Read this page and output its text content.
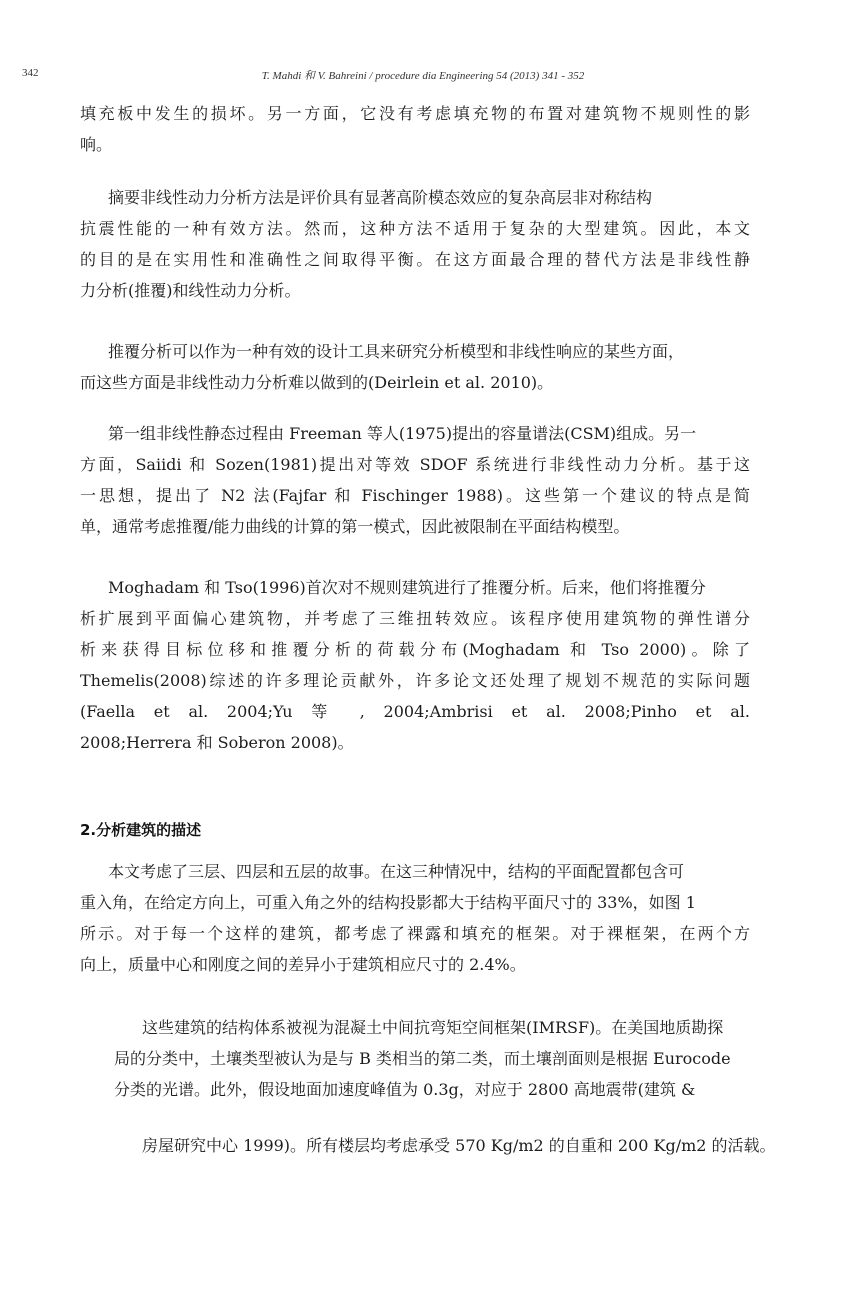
342	T. Mahdi 和 V. Bahreini / procedure dia Engineering 54 (2013) 341 - 352

填充板中发生的损坏。另一方面，它没有考虑填充物的布置对建筑物不规则性的影
响。

摘要非线性动力分析方法是评价具有显著高阶模态效应的复杂高层非对称结构
抗震性能的一种有效方法。然而，这种方法不适用于复杂的大型建筑。因此，本文
的目的是在实用性和准确性之间取得平衡。在这方面最合理的替代方法是非线性静
力分析(推覆)和线性动力分析。

推覆分析可以作为一种有效的设计工具来研究分析模型和非线性响应的某些方面，
而这些方面是非线性动力分析难以做到的(Deirlein et al. 2010)。

第一组非线性静态过程由 Freeman 等人(1975)提出的容量谱法(CSM)组成。另一
方面，Saiidi 和 Sozen(1981)提出对等效 SDOF 系统进行非线性动力分析。基于这
一思想，提出了 N2 法(Fajfar 和 Fischinger 1988)。这些第一个建议的特点是简
单，通常考虑推覆/能力曲线的计算的第一模式，因此被限制在平面结构模型。

Moghadam 和 Tso(1996)首次对不规则建筑进行了推覆分析。后来，他们将推覆分
析扩展到平面偏心建筑物，并考虑了三维扭转效应。该程序使用建筑物的弹性谱分
析来获得目标位移和推覆分析的荷载分布(Moghadam 和 Tso 2000)。除了
Themelis(2008)综述的许多理论贡献外，许多论文还处理了规划不规范的实际问题
(Faella et al. 2004;Yu 等 , 2004;Ambrisi et al. 2008;Pinho et al.
2008;Herrera 和 Soberon 2008)。

2.分析建筑的描述

本文考虑了三层、四层和五层的故事。在这三种情况中，结构的平面配置都包含可
重入角，在给定方向上，可重入角之外的结构投影都大于结构平面尺寸的 33%，如图 1
所示。对于每一个这样的建筑，都考虑了裸露和填充的框架。对于裸框架，在两个方
向上，质量中心和刚度之间的差异小于建筑相应尺寸的 2.4%。

这些建筑的结构体系被视为混凝土中间抗弯矩空间框架(IMRSF)。在美国地质勘探
局的分类中，土壤类型被认为是与 B 类相当的第二类，而土壤剖面则是根据 Eurocode
分类的光谱。此外，假设地面加速度峰值为 0.3g，对应于 2800 高地震带(建筑 &

房屋研究中心 1999)。所有楼层均考虑承受 570 Kg/m2 的自重和 200 Kg/m2 的活载。
